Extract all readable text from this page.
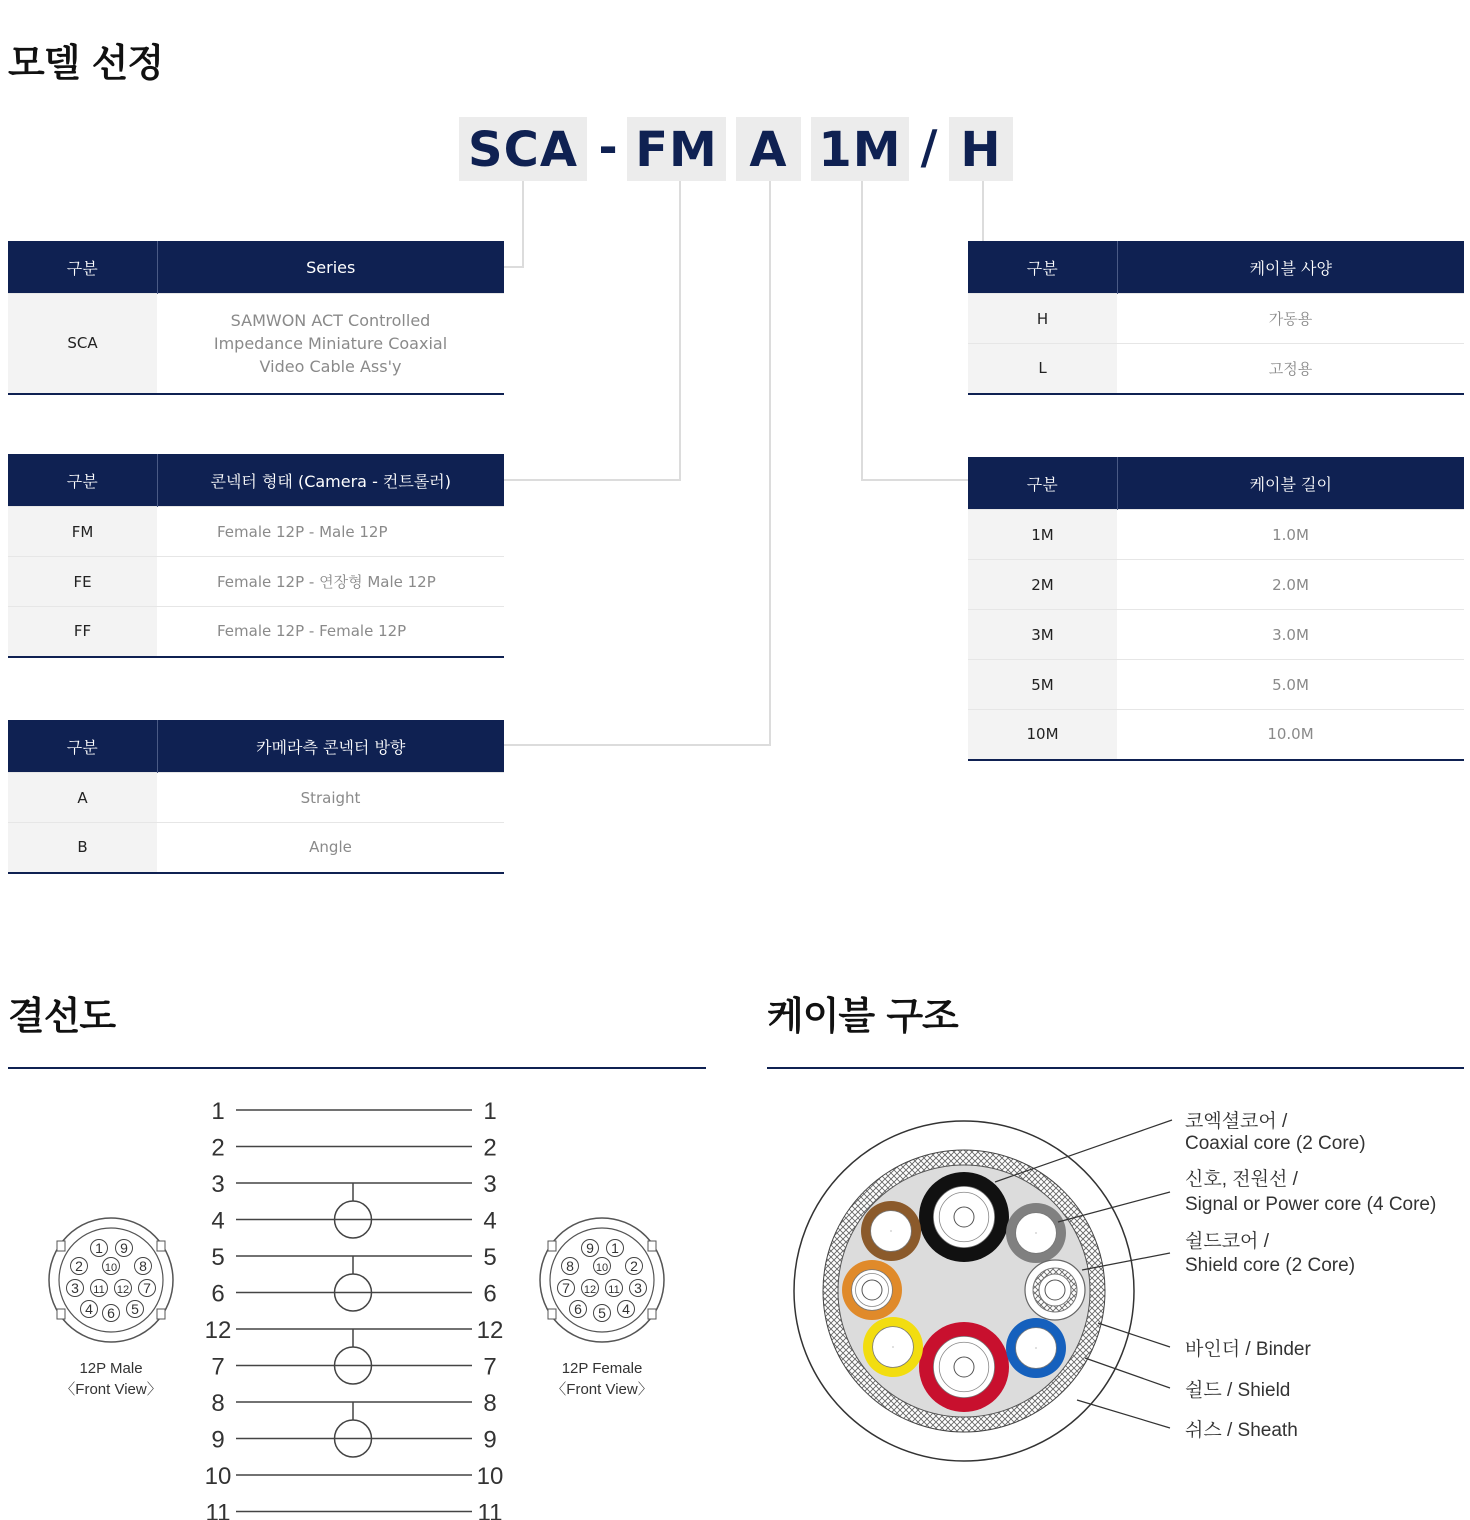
모델 선정
SCA - FM A 1M / H
구분	Series
SCA	SAMWON ACT Controlled
Impedance Miniature Coaxial
Video Cable Ass'y
구분	콘넥터 형태 (Camera - 컨트롤러)
FM	Female 12P - Male 12P
FE	Female 12P - 연장형 Male 12P
FF	Female 12P - Female 12P
구분	카메라측 콘넥터 방향
A	Straight
B	Angle
구분	케이블 사양
H	가동용
L	고정용
구분	케이블 길이
1M	1.0M
2M	2.0M
3M	3.0M
5M	5.0M
10M	10.0M
결선도	케이블 구조
1	1
2	2
3	3
4	4
5	5
6	6
12	12
7	7
8	8
9	9
10	10
11	11
1 9
2 10 8
3 11 12 7
4 6 5
12P Male
〈Front View〉
9 1
8 10 2
7 12 11 3
6	4
5
12P Female
〈Front View〉
코엑셜코어 /
Coaxial core (2 Core)
신호, 전원선 /
Signal or Power core (4 Core)
쉴드코어 /
Shield core (2 Core)
바인더 / Binder
쉴드 / Shield
쉬스 / Sheath
